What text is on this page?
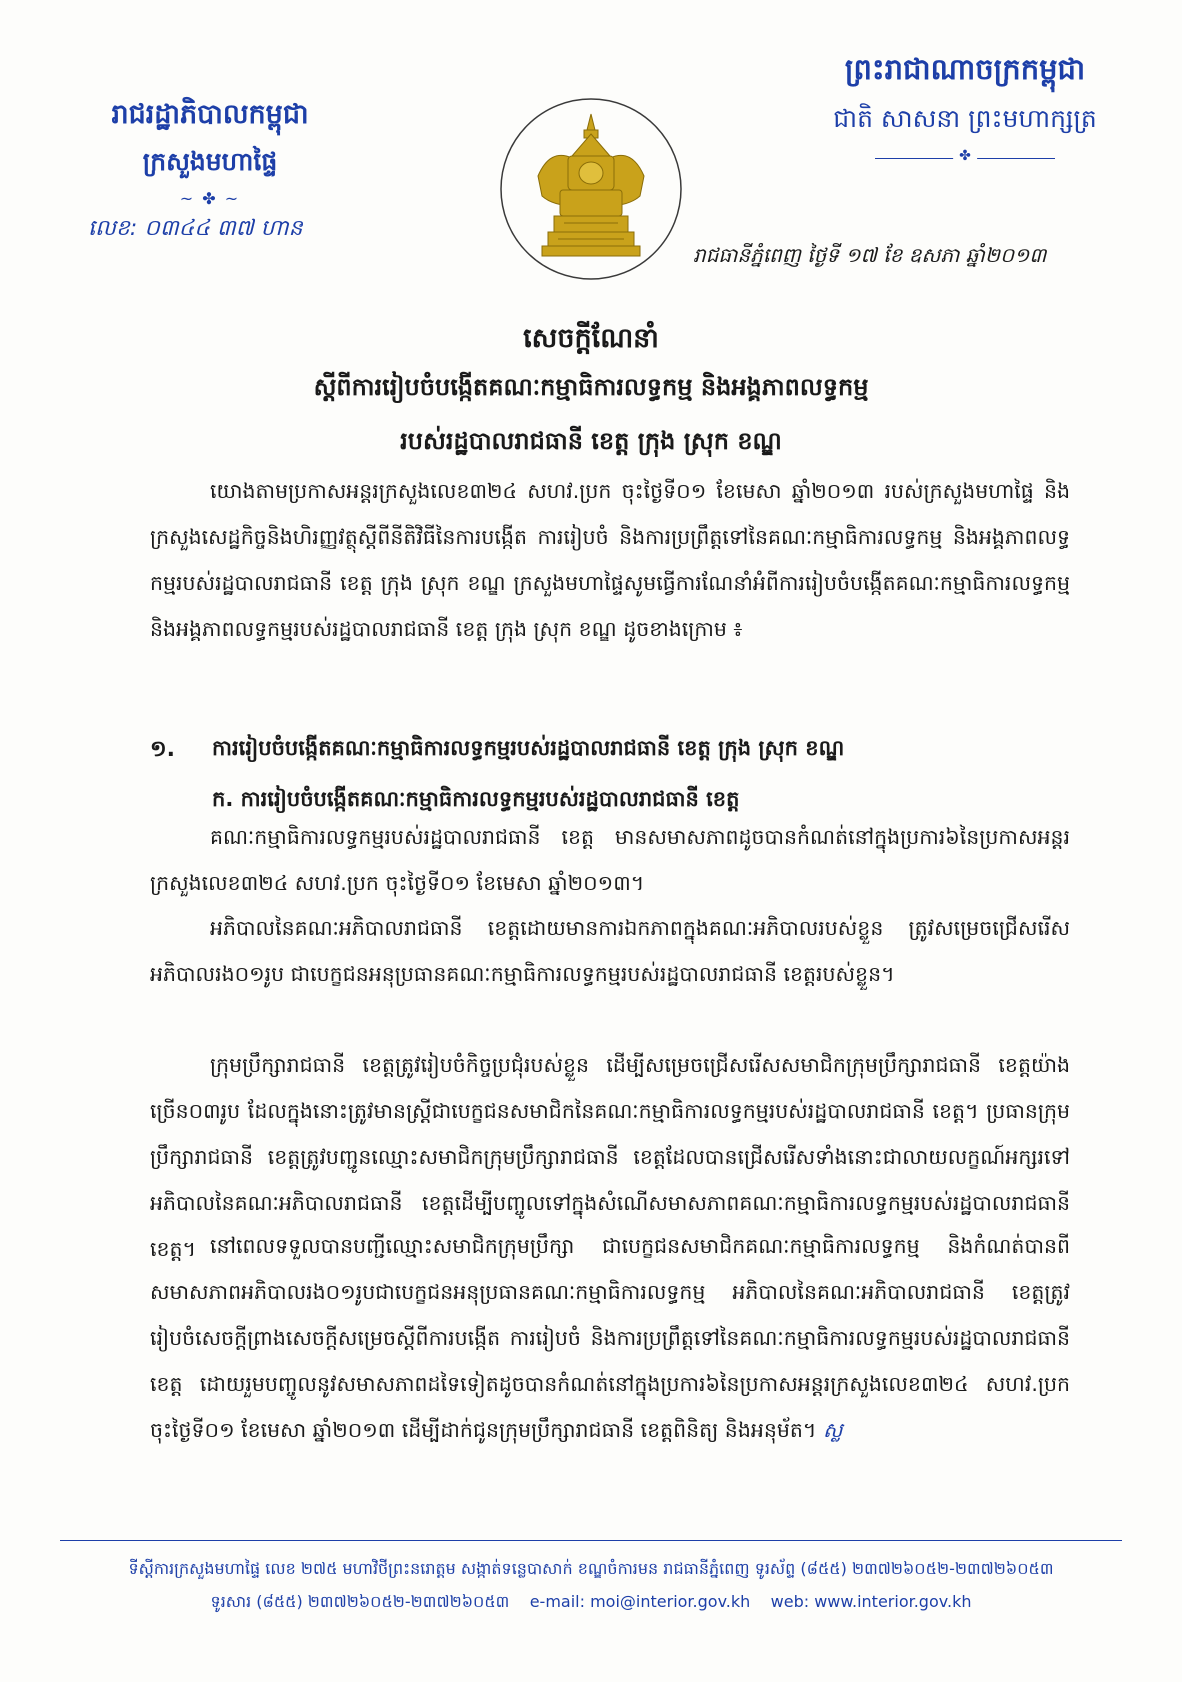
រាជរដ្ឋាភិបាលកម្ពុជា
ក្រសួងមហាផ្ទៃ
~ ✤ ~
លេខ: ០៣៤៤ ៣៧ ហាន
ព្រះរាជាណាចក្រកម្ពុជា
ជាតិ សាសនា ព្រះមហាក្សត្រ
✤
រាជធានីភ្នំពេញ ថ្ងៃទី ១៧ ខែ ឧសភា ឆ្នាំ២០១៣
សេចក្តីណែនាំ
ស្តីពីការរៀបចំបង្កើតគណៈកម្មាធិការលទ្ធកម្ម និងអង្គភាពលទ្ធកម្ម
របស់រដ្ឋបាលរាជធានី ខេត្ត ក្រុង ស្រុក ខណ្ឌ
យោងតាមប្រកាសអន្តរក្រសួងលេខ៣២៤ សហវ.ប្រក ចុះថ្ងៃទី០១ ខែមេសា ឆ្នាំ២០១៣ របស់ក្រសួងមហាផ្ទៃ និងក្រសួងសេដ្ឋកិច្ចនិងហិរញ្ញវត្ថុស្តីពីនីតិវិធីនៃការបង្កើត ការរៀបចំ និងការប្រព្រឹត្តទៅនៃគណៈកម្មាធិការលទ្ធកម្ម និងអង្គភាពលទ្ធកម្មរបស់រដ្ឋបាលរាជធានី ខេត្ត ក្រុង ស្រុក ខណ្ឌ ក្រសួងមហាផ្ទៃសូមធ្វើការណែនាំអំពីការរៀបចំបង្កើតគណៈកម្មាធិការលទ្ធកម្ម និងអង្គភាពលទ្ធកម្មរបស់រដ្ឋបាលរាជធានី ខេត្ត ក្រុង ស្រុក ខណ្ឌ ដូចខាងក្រោម ៖
១. ការរៀបចំបង្កើតគណៈកម្មាធិការលទ្ធកម្មរបស់រដ្ឋបាលរាជធានី ខេត្ត ក្រុង ស្រុក ខណ្ឌ
ក. ការរៀបចំបង្កើតគណៈកម្មាធិការលទ្ធកម្មរបស់រដ្ឋបាលរាជធានី ខេត្ត
គណៈកម្មាធិការលទ្ធកម្មរបស់រដ្ឋបាលរាជធានី ខេត្ត មានសមាសភាពដូចបានកំណត់នៅក្នុងប្រការ៦នៃប្រកាសអន្តរក្រសួងលេខ៣២៤ សហវ.ប្រក ចុះថ្ងៃទី០១ ខែមេសា ឆ្នាំ២០១៣។
អភិបាលនៃគណៈអភិបាលរាជធានី ខេត្តដោយមានការឯកភាពក្នុងគណៈអភិបាលរបស់ខ្លួន ត្រូវសម្រេចជ្រើសរើសអភិបាលរង០១រូប ជាបេក្ខជនអនុប្រធានគណៈកម្មាធិការលទ្ធកម្មរបស់រដ្ឋបាលរាជធានី ខេត្តរបស់ខ្លួន។
ក្រុមប្រឹក្សារាជធានី ខេត្តត្រូវរៀបចំកិច្ចប្រជុំរបស់ខ្លួន ដើម្បីសម្រេចជ្រើសរើសសមាជិកក្រុមប្រឹក្សារាជធានី ខេត្តយ៉ាងច្រើន០៣រូប ដែលក្នុងនោះត្រូវមានស្ត្រីជាបេក្ខជនសមាជិកនៃគណៈកម្មាធិការលទ្ធកម្មរបស់រដ្ឋបាលរាជធានី ខេត្ត។ ប្រធានក្រុមប្រឹក្សារាជធានី ខេត្តត្រូវបញ្ជូនឈ្មោះសមាជិកក្រុមប្រឹក្សារាជធានី ខេត្តដែលបានជ្រើសរើសទាំងនោះជាលាយលក្ខណ៍អក្សរទៅអភិបាលនៃគណៈអភិបាលរាជធានី ខេត្តដើម្បីបញ្ចូលទៅក្នុងសំណើសមាសភាពគណៈកម្មាធិការលទ្ធកម្មរបស់រដ្ឋបាលរាជធានី ខេត្ត។ នៅពេលទទួលបានបញ្ជីឈ្មោះសមាជិកក្រុមប្រឹក្សា ជាបេក្ខជនសមាជិកគណៈកម្មាធិការលទ្ធកម្ម និងកំណត់បានពីសមាសភាពអភិបាលរង០១រូបជាបេក្ខជនអនុប្រធានគណៈកម្មាធិការលទ្ធកម្ម អភិបាលនៃគណៈអភិបាលរាជធានី ខេត្តត្រូវរៀបចំសេចក្តីព្រាងសេចក្តីសម្រេចស្តីពីការបង្កើត ការរៀបចំ និងការប្រព្រឹត្តទៅនៃគណៈកម្មាធិការលទ្ធកម្មរបស់រដ្ឋបាលរាជធានី ខេត្ត ដោយរួមបញ្ចូលនូវសមាសភាពដទៃទៀតដូចបានកំណត់នៅក្នុងប្រការ៦នៃប្រកាសអន្តរក្រសួងលេខ៣២៤ សហវ.ប្រក ចុះថ្ងៃទី០១ ខែមេសា ឆ្នាំ២០១៣ ដើម្បីដាក់ជូនក្រុមប្រឹក្សារាជធានី ខេត្តពិនិត្យ និងអនុម័ត។ ស្ល
ទីស្តីការក្រសួងមហាផ្ទៃ លេខ ២៧៥ មហាវិថីព្រះនរោត្តម សង្កាត់ទន្លេបាសាក់ ខណ្ឌចំការមន រាជធានីភ្នំពេញ ទូរស័ព្ទ (៨៥៥) ២៣៧២៦០៥២-២៣៧២៦០៥៣
ទូរសារ (៨៥៥) ២៣៧២៦០៥២-២៣៧២៦០៥៣ e-mail: moi@interior.gov.kh web: www.interior.gov.kh
